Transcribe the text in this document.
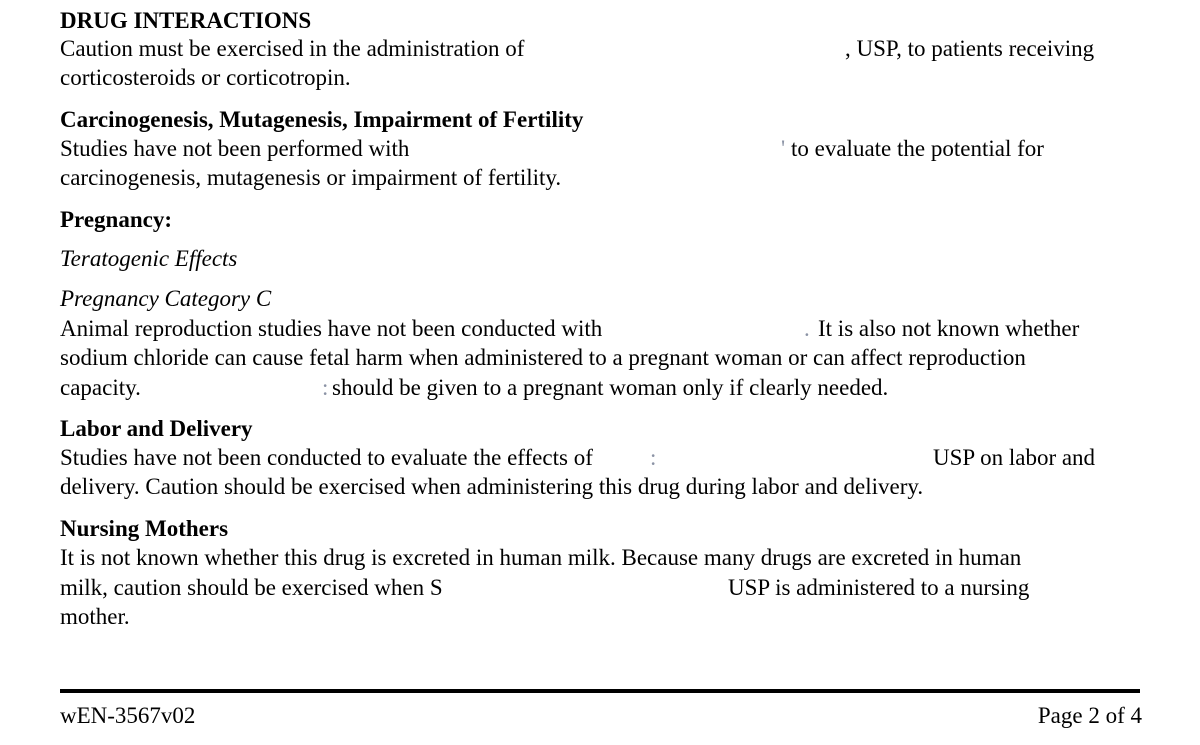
DRUG INTERACTIONS
Caution must be exercised in the administration of	, USP, to patients receiving
corticosteroids or corticotropin.
Carcinogenesis, Mutagenesis, Impairment of Fertility
Studies have not been performed with	' to evaluate the potential for
carcinogenesis, mutagenesis or impairment of fertility.
Pregnancy:
Teratogenic Effects
Pregnancy Category C
Animal reproduction studies have not been conducted with	. It is also not known whether
sodium chloride can cause fetal harm when administered to a pregnant woman or can affect reproduction
capacity.	: should be given to a pregnant woman only if clearly needed.
Labor and Delivery
Studies have not been conducted to evaluate the effects of :	USP on labor and
delivery. Caution should be exercised when administering this drug during labor and delivery.
Nursing Mothers
It is not known whether this drug is excreted in human milk. Because many drugs are excreted in human
milk, caution should be exercised when S	USP is administered to a nursing
mother.
wEN-3567v02	Page 2 of 4
